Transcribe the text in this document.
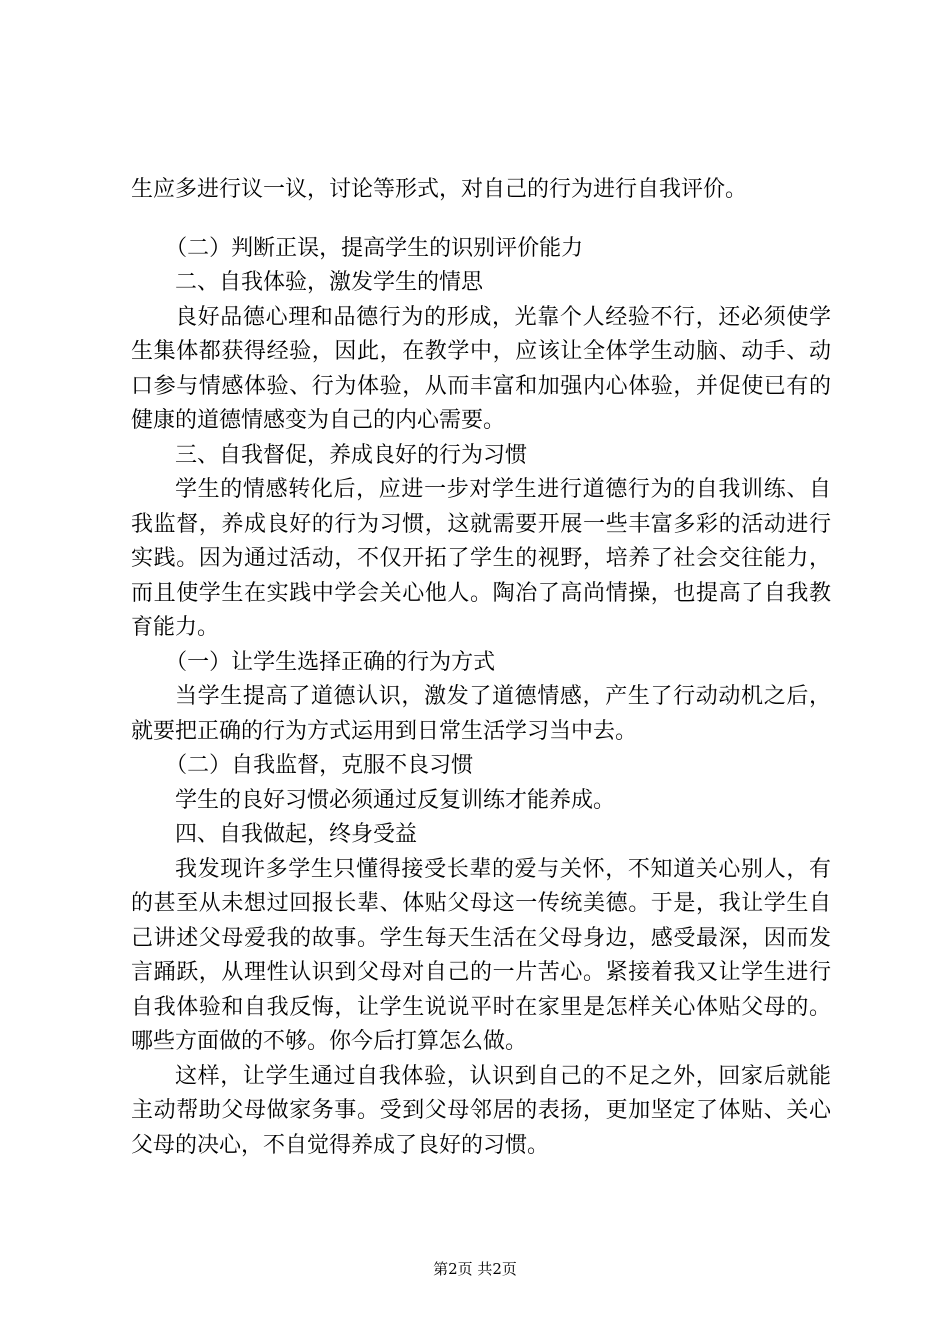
生应多进行议一议，讨论等形式，对自己的行为进行自我评价。

（二）判断正误，提高学生的识别评价能力

二、自我体验，激发学生的情思

良好品德心理和品德行为的形成，光靠个人经验不行，还必须使学生集体都获得经验，因此，在教学中，应该让全体学生动脑、动手、动口参与情感体验、行为体验，从而丰富和加强内心体验，并促使已有的健康的道德情感变为自己的内心需要。

三、自我督促，养成良好的行为习惯

学生的情感转化后，应进一步对学生进行道德行为的自我训练、自我监督，养成良好的行为习惯，这就需要开展一些丰富多彩的活动进行实践。因为通过活动，不仅开拓了学生的视野，培养了社会交往能力，而且使学生在实践中学会关心他人。陶冶了高尚情操，也提高了自我教育能力。

（一）让学生选择正确的行为方式

当学生提高了道德认识，激发了道德情感，产生了行动动机之后，就要把正确的行为方式运用到日常生活学习当中去。

（二）自我监督，克服不良习惯

学生的良好习惯必须通过反复训练才能养成。

四、自我做起，终身受益

我发现许多学生只懂得接受长辈的爱与关怀，不知道关心别人，有的甚至从未想过回报长辈、体贴父母这一传统美德。于是，我让学生自己讲述父母爱我的故事。学生每天生活在父母身边，感受最深，因而发言踊跃，从理性认识到父母对自己的一片苦心。紧接着我又让学生进行自我体验和自我反悔，让学生说说平时在家里是怎样关心体贴父母的。哪些方面做的不够。你今后打算怎么做。

这样，让学生通过自我体验，认识到自己的不足之外，回家后就能主动帮助父母做家务事。受到父母邻居的表扬，更加坚定了体贴、关心父母的决心，不自觉得养成了良好的习惯。

第2页 共2页
